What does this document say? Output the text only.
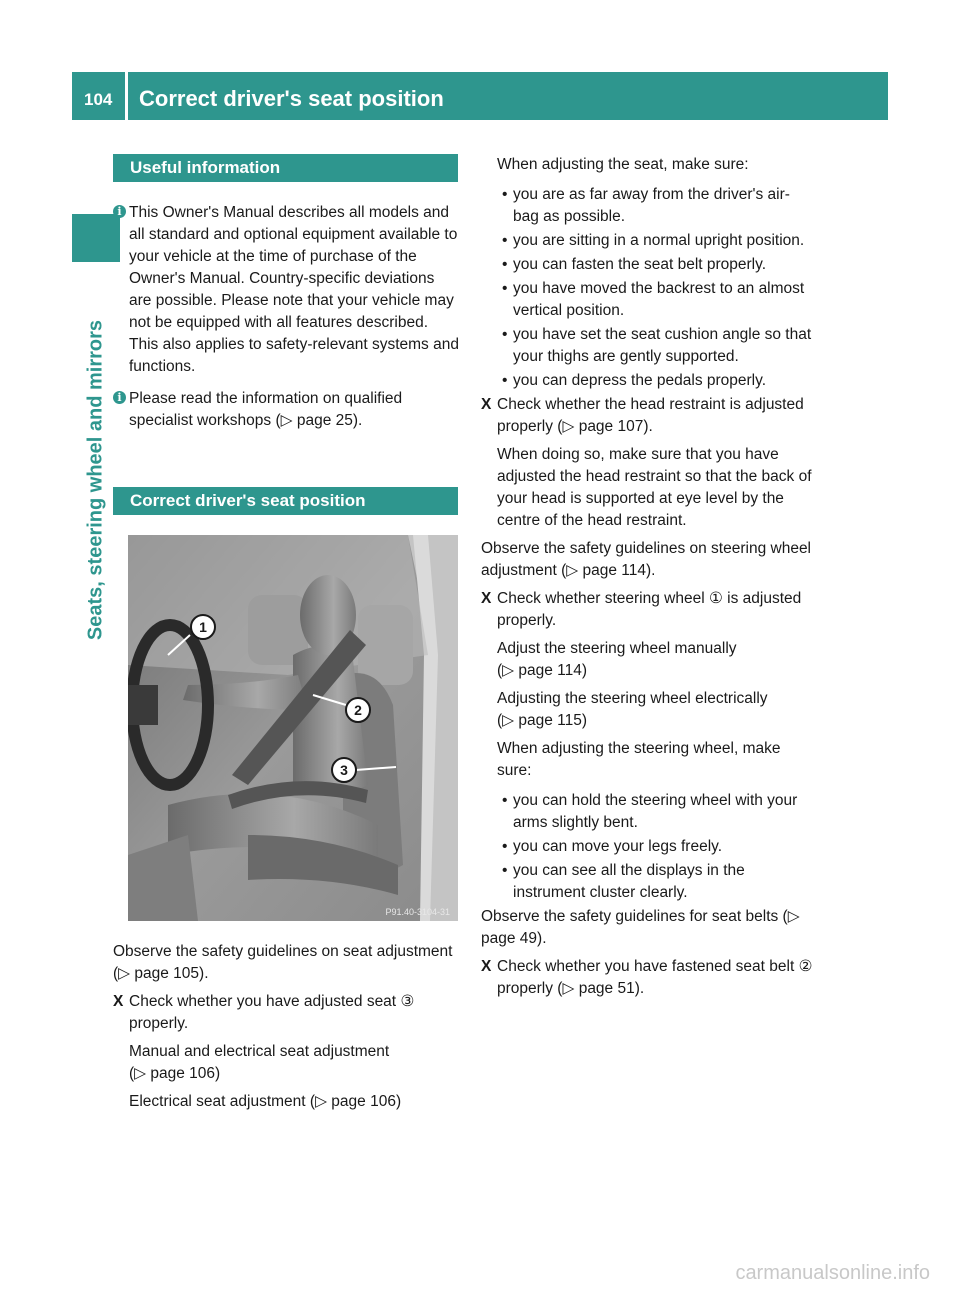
104 Correct driver's seat position
Seats, steering wheel and mirrors
Useful information

i This Owner's Manual describes all models and all standard and optional equipment available to your vehicle at the time of purchase of the Owner's Manual. Country-specific deviations are possible. Please note that your vehicle may not be equipped with all features described. This also applies to safety-relevant systems and functions.

i Please read the information on qualified specialist workshops (▷ page 25).

Correct driver's seat position
1
2
3
P91.40-3104-31

Observe the safety guidelines on seat adjustment (▷ page 105).

X Check whether you have adjusted seat ③ properly.
Manual and electrical seat adjustment
(▷ page 106)
Electrical seat adjustment (▷ page 106)

When adjusting the seat, make sure:

• you are as far away from the driver's air-bag as possible.

• you are sitting in a normal upright position.

• you can fasten the seat belt properly.

• you have moved the backrest to an almost vertical position.

• you have set the seat cushion angle so that your thighs are gently supported.

• you can depress the pedals properly.

X Check whether the head restraint is adjusted properly (▷ page 107).

When doing so, make sure that you have adjusted the head restraint so that the back of your head is supported at eye level by the centre of the head restraint.

Observe the safety guidelines on steering wheel adjustment (▷ page 114).

X Check whether steering wheel ① is adjusted properly.
Adjust the steering wheel manually
(▷ page 114)
Adjusting the steering wheel electrically
(▷ page 115)

When adjusting the steering wheel, make sure:

• you can hold the steering wheel with your arms slightly bent.

• you can move your legs freely.

• you can see all the displays in the instrument cluster clearly.

Observe the safety guidelines for seat belts (▷ page 49).

X Check whether you have fastened seat belt ② properly (▷ page 51).
carmanualsonline.info
